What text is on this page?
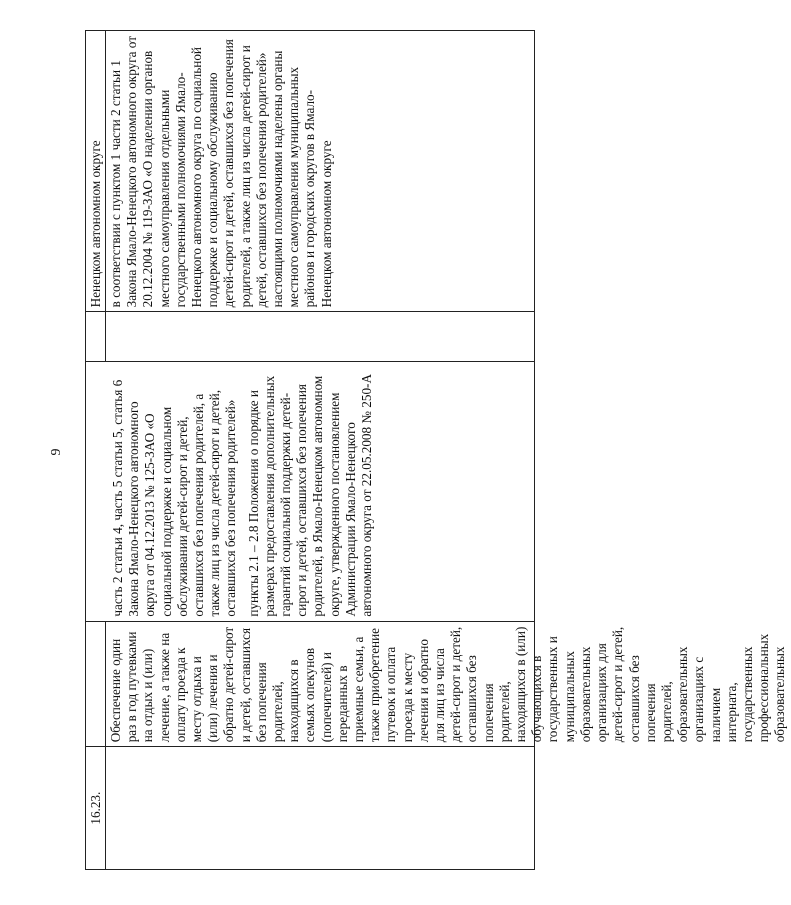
9
16.23.
Обеспечение один раз в год путевками на отдых и (или) лечение, а также на оплату проезда к месту отдыха и (или) лечения и обратно детей-сирот и детей, оставшихся без попечения родителей, находящихся в семьях опекунов (попечителей) и переданных в приемные семьи, а также приобретение путевок и оплата проезда к месту лечения и обратно для лиц из числа детей-сирот и детей, оставшихся без попечения родителей, находящихся в (или) обучающихся в государственных и муниципальных образовательных организациях для детей-сирот и детей, оставшихся без попечения родителей, образовательных организациях с наличием интерната, государственных профессиональных образовательных

часть 2 статьи 4, часть 5 статьи 5, статья 6 Закона Ямало-Ненецкого автономного округа от 04.12.2013 № 125-ЗАО «О социальной поддержке и социальном обслуживании детей-сирот и детей, оставшихся без попечения родителей, а также лиц из числа детей-сирот и детей, оставшихся без попечения родителей» пункты 2.1 – 2.8 Положения о порядке и размерах предоставления дополнительных гарантий социальной поддержки детей-сирот и детей, оставшихся без попечения родителей, в Ямало-Ненецком автономном округе, утвержденного постановлением Администрации Ямало-Ненецкого автономного округа от 22.05.2008 № 250-А

Ненецком автономном округе в соответствии с пунктом 1 части 2 статьи 1 Закона Ямало-Ненецкого автономного округа от 20.12.2004 № 119-ЗАО «О наделении органов местного самоуправления отдельными государственными полномочиями Ямало-Ненецкого автономного округа по социальной поддержке и социальному обслуживанию детей-сирот и детей, оставшихся без попечения родителей, а также лиц из числа детей-сирот и детей, оставшихся без попечения родителей» настоящими полномочиями наделены органы местного самоуправления муниципальных районов и городских округов в Ямало-Ненецком автономном округе
